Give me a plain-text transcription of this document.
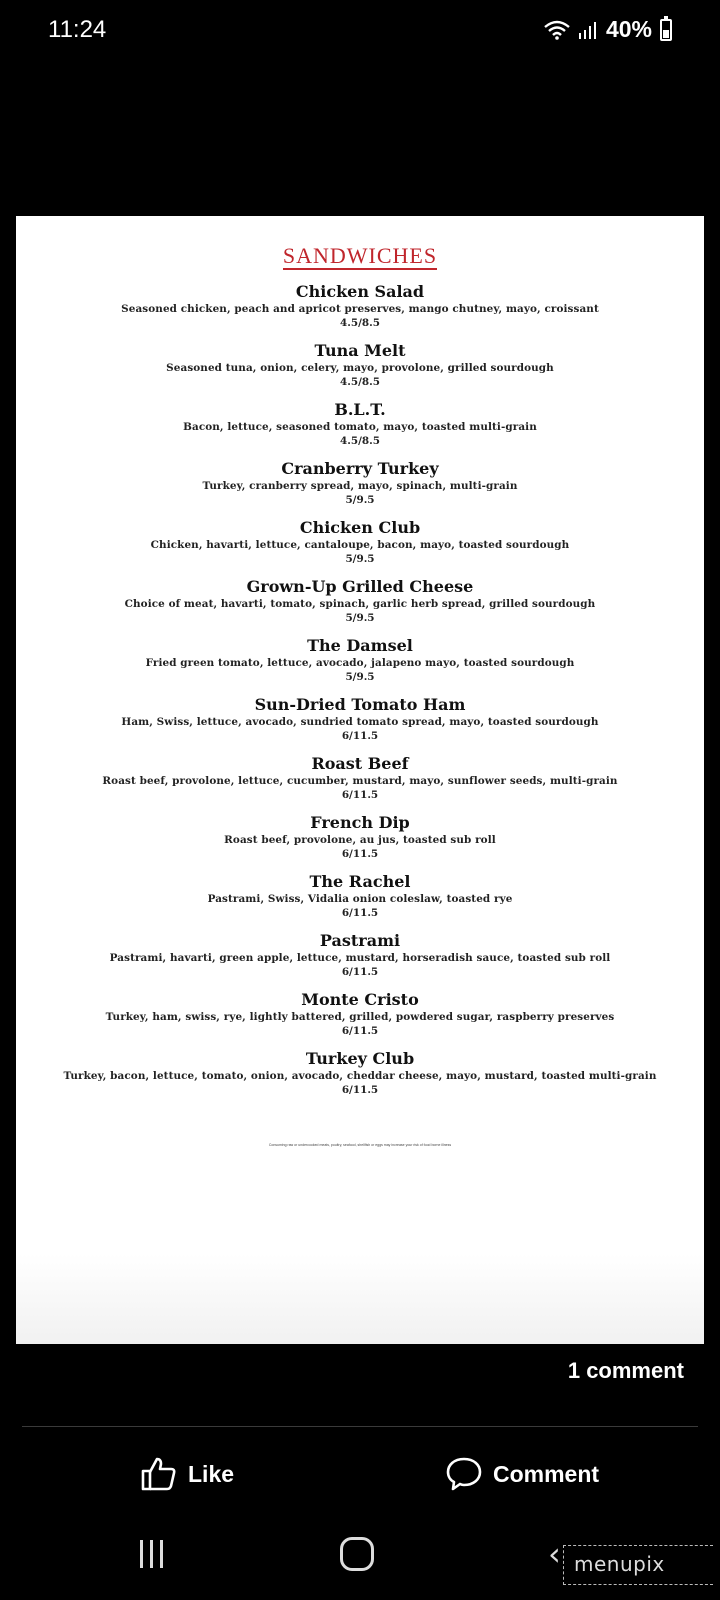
11:24	40%
SANDWICHES
Chicken Salad
Seasoned chicken, peach and apricot preserves, mango chutney, mayo, croissant
4.5/8.5
Tuna Melt
Seasoned tuna, onion, celery, mayo, provolone, grilled sourdough
4.5/8.5
B.L.T.
Bacon, lettuce, seasoned tomato, mayo, toasted multi-grain
4.5/8.5
Cranberry Turkey
Turkey, cranberry spread, mayo, spinach, multi-grain
5/9.5
Chicken Club
Chicken, havarti, lettuce, cantaloupe, bacon, mayo, toasted sourdough
5/9.5
Grown-Up Grilled Cheese
Choice of meat, havarti, tomato, spinach, garlic herb spread, grilled sourdough
5/9.5
The Damsel
Fried green tomato, lettuce, avocado, jalapeno mayo, toasted sourdough
5/9.5
Sun-Dried Tomato Ham
Ham, Swiss, lettuce, avocado, sundried tomato spread, mayo, toasted sourdough
6/11.5
Roast Beef
Roast beef, provolone, lettuce, cucumber, mustard, mayo, sunflower seeds, multi-grain
6/11.5
French Dip
Roast beef, provolone, au jus, toasted sub roll
6/11.5
The Rachel
Pastrami, Swiss, Vidalia onion coleslaw, toasted rye
6/11.5
Pastrami
Pastrami, havarti, green apple, lettuce, mustard, horseradish sauce, toasted sub roll
6/11.5
Monte Cristo
Turkey, ham, swiss, rye, lightly battered, grilled, powdered sugar, raspberry preserves
6/11.5
Turkey Club
Turkey, bacon, lettuce, tomato, onion, avocado, cheddar cheese, mayo, mustard, toasted multi-grain
6/11.5
Consuming raw or undercooked meats, poultry, seafood, shellfish or eggs may increase your risk of food borne illness
1 comment
Like	Comment
‹ menupix
